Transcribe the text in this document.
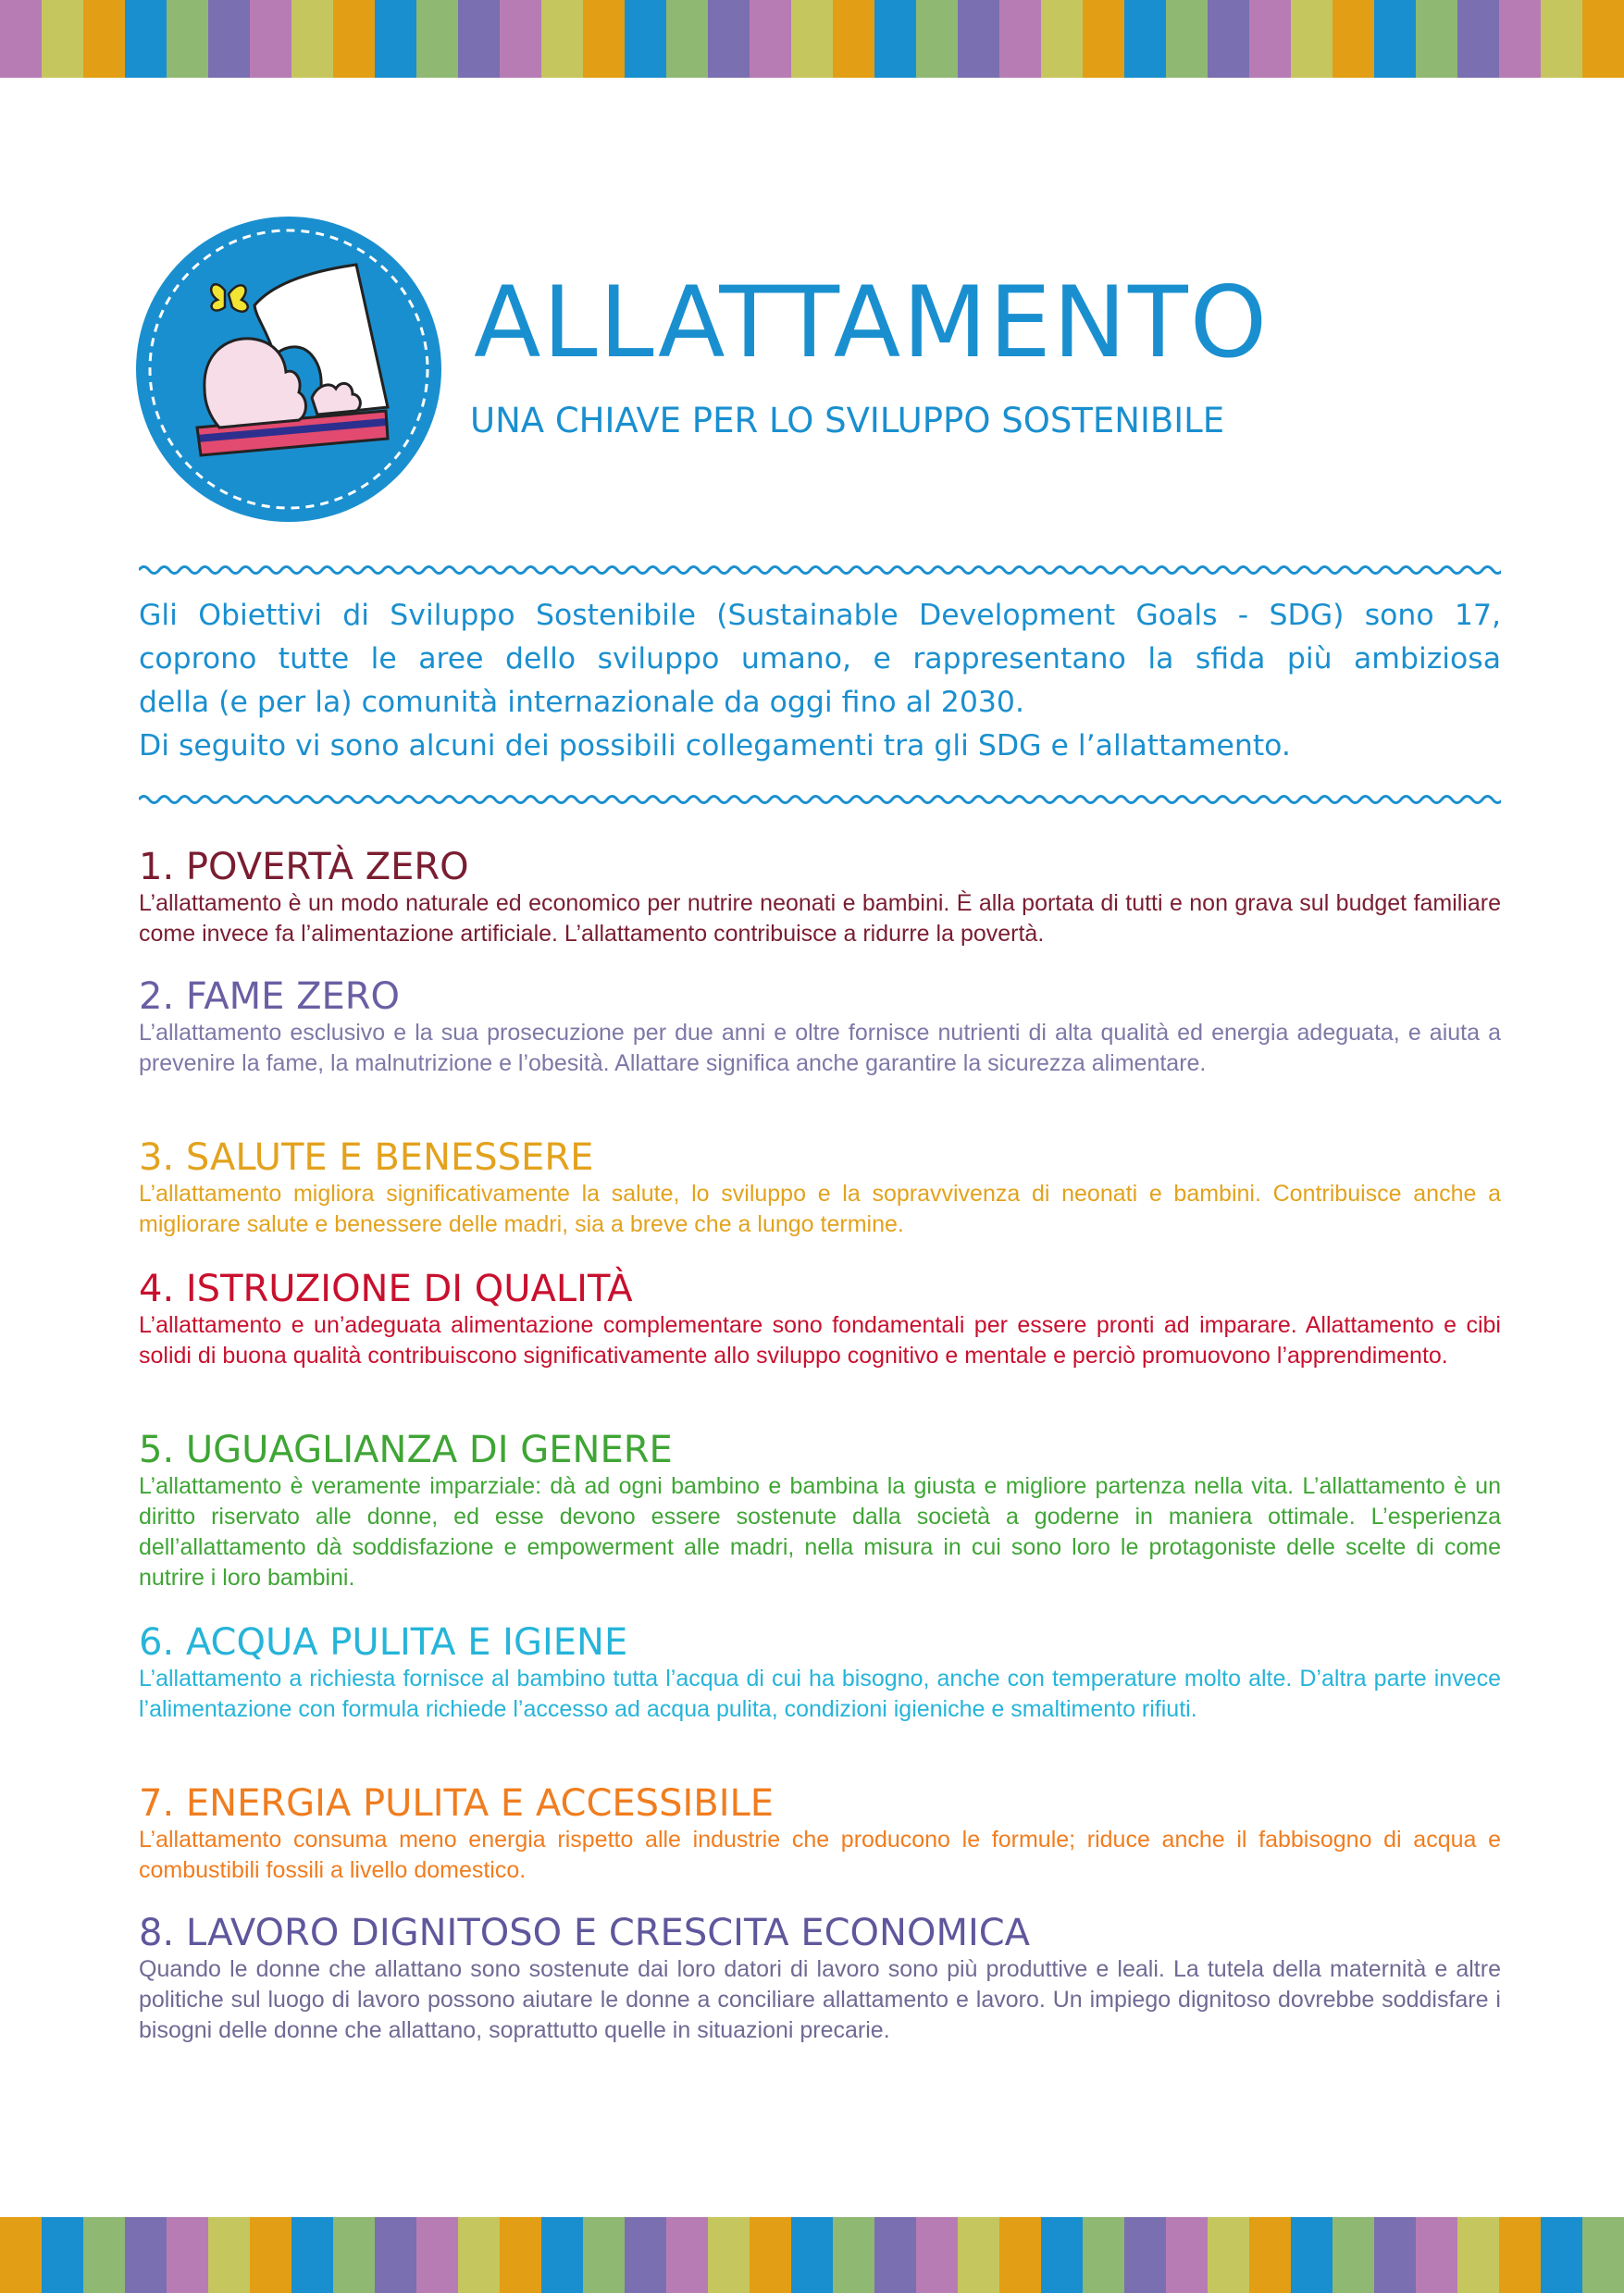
ALLATTAMENTO
UNA CHIAVE PER LO SVILUPPO SOSTENIBILE

Gli Obiettivi di Sviluppo Sostenibile (Sustainable Development Goals - SDG) sono 17,
coprono tutte le aree dello sviluppo umano, e rappresentano la sfida più ambiziosa
della (e per la) comunità internazionale da oggi fino al 2030.
Di seguito vi sono alcuni dei possibili collegamenti tra gli SDG e l’allattamento.

1. POVERTÀ ZERO

L’allattamento è un modo naturale ed economico per nutrire neonati e bambini. È alla portata di tutti e non grava sul budget familiare come invece fa l’alimentazione artificiale. L’allattamento contribuisce a ridurre la povertà.

2. FAME ZERO

L’allattamento esclusivo e la sua prosecuzione per due anni e oltre fornisce nutrienti di alta qualità ed energia adeguata, e aiuta a prevenire la fame, la malnutrizione e l’obesità. Allattare significa anche garantire la sicurezza alimentare.

3. SALUTE E BENESSERE

L’allattamento migliora significativamente la salute, lo sviluppo e la sopravvivenza di neonati e bambini. Contribuisce anche a migliorare salute e benessere delle madri, sia a breve che a lungo termine.

4. ISTRUZIONE DI QUALITÀ

L’allattamento e un’adeguata alimentazione complementare sono fondamentali per essere pronti ad imparare. Allattamento e cibi solidi di buona qualità contribuiscono significativamente allo sviluppo cognitivo e mentale e perciò promuovono l’apprendimento.

5. UGUAGLIANZA DI GENERE

L’allattamento è veramente imparziale: dà ad ogni bambino e bambina la giusta e migliore partenza nella vita. L’allattamento è un diritto riservato alle donne, ed esse devono essere sostenute dalla società a goderne in maniera ottimale. L’esperienza dell’allattamento dà soddisfazione e empowerment alle madri, nella misura in cui sono loro le protagoniste delle scelte di come nutrire i loro bambini.

6. ACQUA PULITA E IGIENE

L’allattamento a richiesta fornisce al bambino tutta l’acqua di cui ha bisogno, anche con temperature molto alte. D’altra parte invece l’alimentazione con formula richiede l’accesso ad acqua pulita, condizioni igieniche e smaltimento rifiuti.

7. ENERGIA PULITA E ACCESSIBILE

L’allattamento consuma meno energia rispetto alle industrie che producono le formule; riduce anche il fabbisogno di acqua e combustibili fossili a livello domestico.

8. LAVORO DIGNITOSO E CRESCITA ECONOMICA

Quando le donne che allattano sono sostenute dai loro datori di lavoro sono più produttive e leali. La tutela della maternità e altre politiche sul luogo di lavoro possono aiutare le donne a conciliare allattamento e lavoro. Un impiego dignitoso dovrebbe soddisfare i bisogni delle donne che allattano, soprattutto quelle in situazioni precarie.
